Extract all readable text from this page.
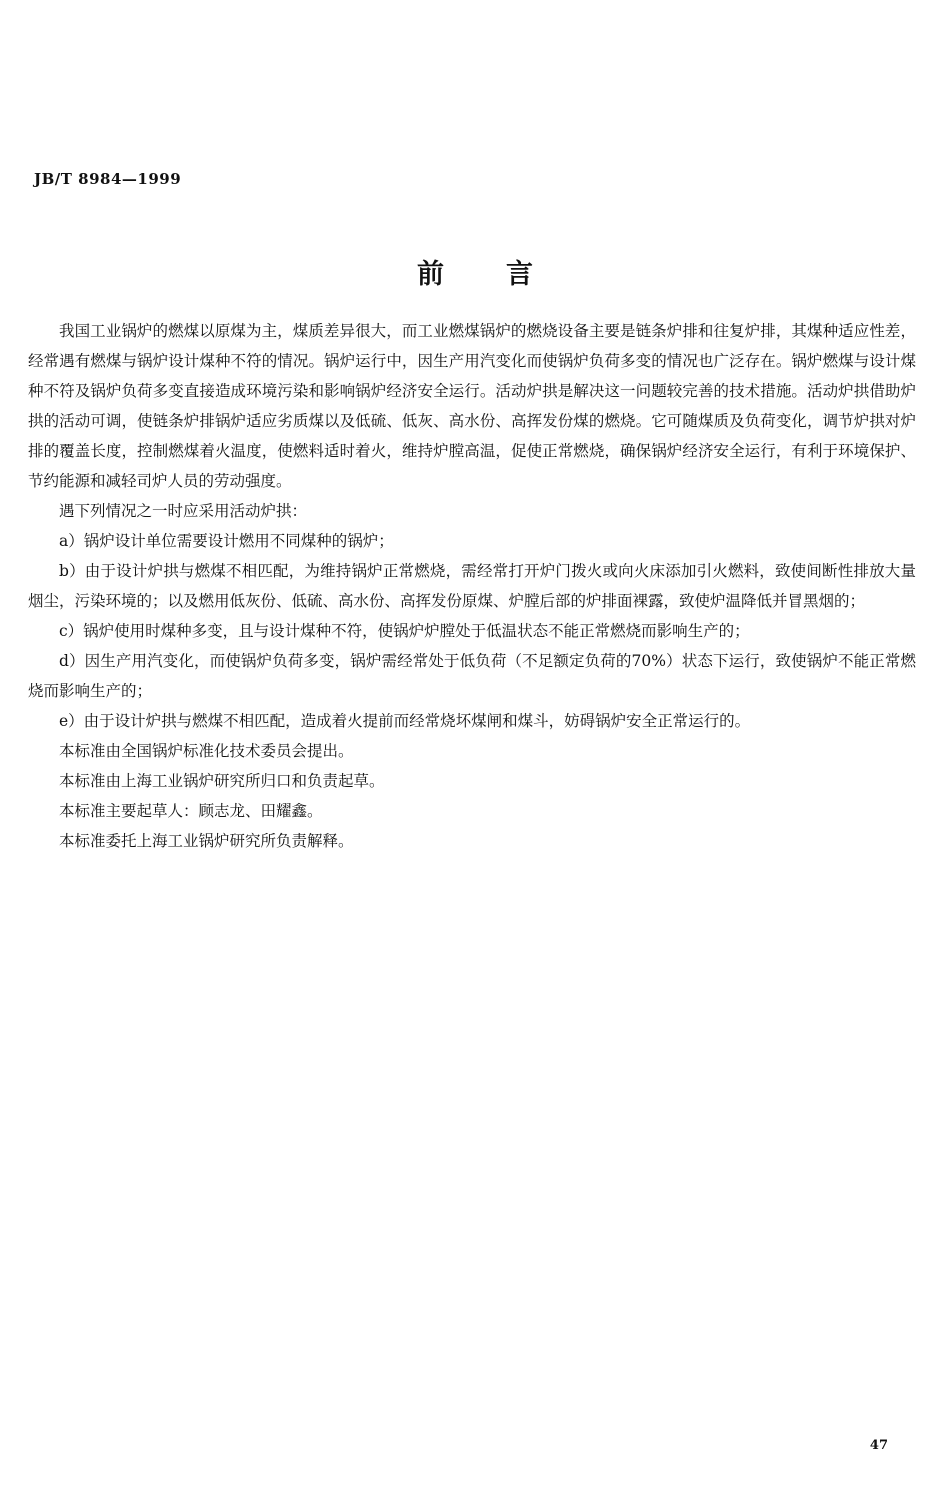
JB/T 8984—1999
前言

我国工业锅炉的燃煤以原煤为主，煤质差异很大，而工业燃煤锅炉的燃烧设备主要是链条炉排和往复炉排，其煤种适应性差，经常遇有燃煤与锅炉设计煤种不符的情况。锅炉运行中，因生产用汽变化而使锅炉负荷多变的情况也广泛存在。锅炉燃煤与设计煤种不符及锅炉负荷多变直接造成环境污染和影响锅炉经济安全运行。活动炉拱是解决这一问题较完善的技术措施。活动炉拱借助炉拱的活动可调，使链条炉排锅炉适应劣质煤以及低硫、低灰、高水份、高挥发份煤的燃烧。它可随煤质及负荷变化，调节炉拱对炉排的覆盖长度，控制燃煤着火温度，使燃料适时着火，维持炉膛高温，促使正常燃烧，确保锅炉经济安全运行，有利于环境保护、节约能源和减轻司炉人员的劳动强度。

遇下列情况之一时应采用活动炉拱：

a）锅炉设计单位需要设计燃用不同煤种的锅炉；

b）由于设计炉拱与燃煤不相匹配，为维持锅炉正常燃烧，需经常打开炉门拨火或向火床添加引火燃料，致使间断性排放大量烟尘，污染环境的；以及燃用低灰份、低硫、高水份、高挥发份原煤、炉膛后部的炉排面裸露，致使炉温降低并冒黑烟的；

c）锅炉使用时煤种多变，且与设计煤种不符，使锅炉炉膛处于低温状态不能正常燃烧而影响生产的；

d）因生产用汽变化，而使锅炉负荷多变，锅炉需经常处于低负荷（不足额定负荷的70%）状态下运行，致使锅炉不能正常燃烧而影响生产的；

e）由于设计炉拱与燃煤不相匹配，造成着火提前而经常烧坏煤闸和煤斗，妨碍锅炉安全正常运行的。

本标准由全国锅炉标准化技术委员会提出。

本标准由上海工业锅炉研究所归口和负责起草。

本标准主要起草人：顾志龙、田耀鑫。

本标准委托上海工业锅炉研究所负责解释。

47
